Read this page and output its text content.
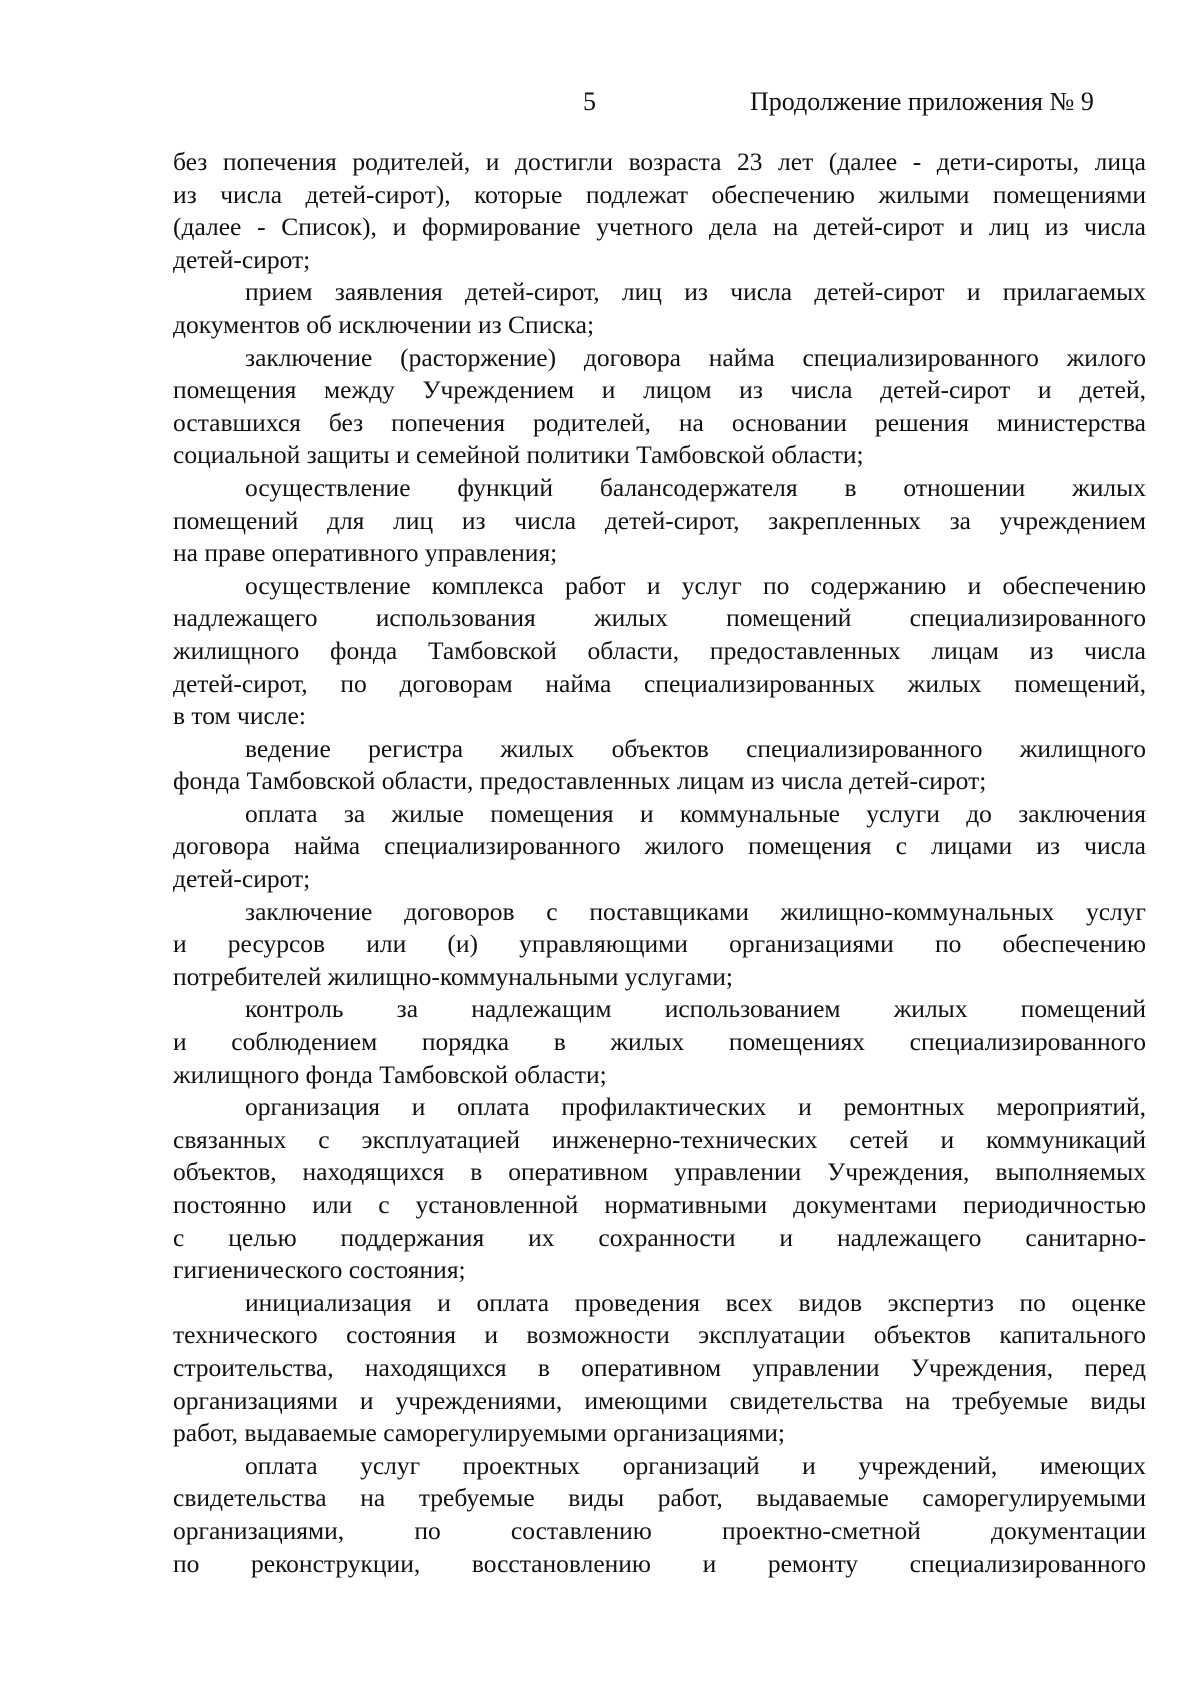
5	Продолжение приложения № 9

без попечения родителей, и достигли возраста 23 лет (далее - дети-сироты, лица

из числа детей-сирот), которые подлежат обеспечению жилыми помещениями

(далее - Список), и формирование учетного дела на детей-сирот и лиц из числа

детей-сирот;

прием заявления детей-сирот, лиц из числа детей-сирот и прилагаемых

документов об исключении из Списка;

заключение (расторжение) договора найма специализированного жилого

помещения между Учреждением и лицом из числа детей-сирот и детей,

оставшихся без попечения родителей, на основании решения министерства

социальной защиты и семейной политики Тамбовской области;

осуществление функций балансодержателя в отношении жилых

помещений для лиц из числа детей-сирот, закрепленных за учреждением

на праве оперативного управления;

осуществление комплекса работ и услуг по содержанию и обеспечению

надлежащего использования жилых помещений специализированного

жилищного фонда Тамбовской области, предоставленных лицам из числа

детей-сирот, по договорам найма специализированных жилых помещений,

в том числе:

ведение регистра жилых объектов специализированного жилищного

фонда Тамбовской области, предоставленных лицам из числа детей-сирот;

оплата за жилые помещения и коммунальные услуги до заключения

договора найма специализированного жилого помещения с лицами из числа

детей-сирот;

заключение договоров с поставщиками жилищно-коммунальных услуг

и ресурсов или (и) управляющими организациями по обеспечению

потребителей жилищно-коммунальными услугами;

контроль за надлежащим использованием жилых помещений

и соблюдением порядка в жилых помещениях специализированного

жилищного фонда Тамбовской области;

организация и оплата профилактических и ремонтных мероприятий,

связанных с эксплуатацией инженерно-технических сетей и коммуникаций

объектов, находящихся в оперативном управлении Учреждения, выполняемых

постоянно или с установленной нормативными документами периодичностью

с целью поддержания их сохранности и надлежащего санитарно-

гигиенического состояния;

инициализация и оплата проведения всех видов экспертиз по оценке

технического состояния и возможности эксплуатации объектов капитального

строительства, находящихся в оперативном управлении Учреждения, перед

организациями и учреждениями, имеющими свидетельства на требуемые виды

работ, выдаваемые саморегулируемыми организациями;

оплата услуг проектных организаций и учреждений, имеющих

свидетельства на требуемые виды работ, выдаваемые саморегулируемыми

организациями, по составлению проектно-сметной документации

по реконструкции, восстановлению и ремонту специализированного
